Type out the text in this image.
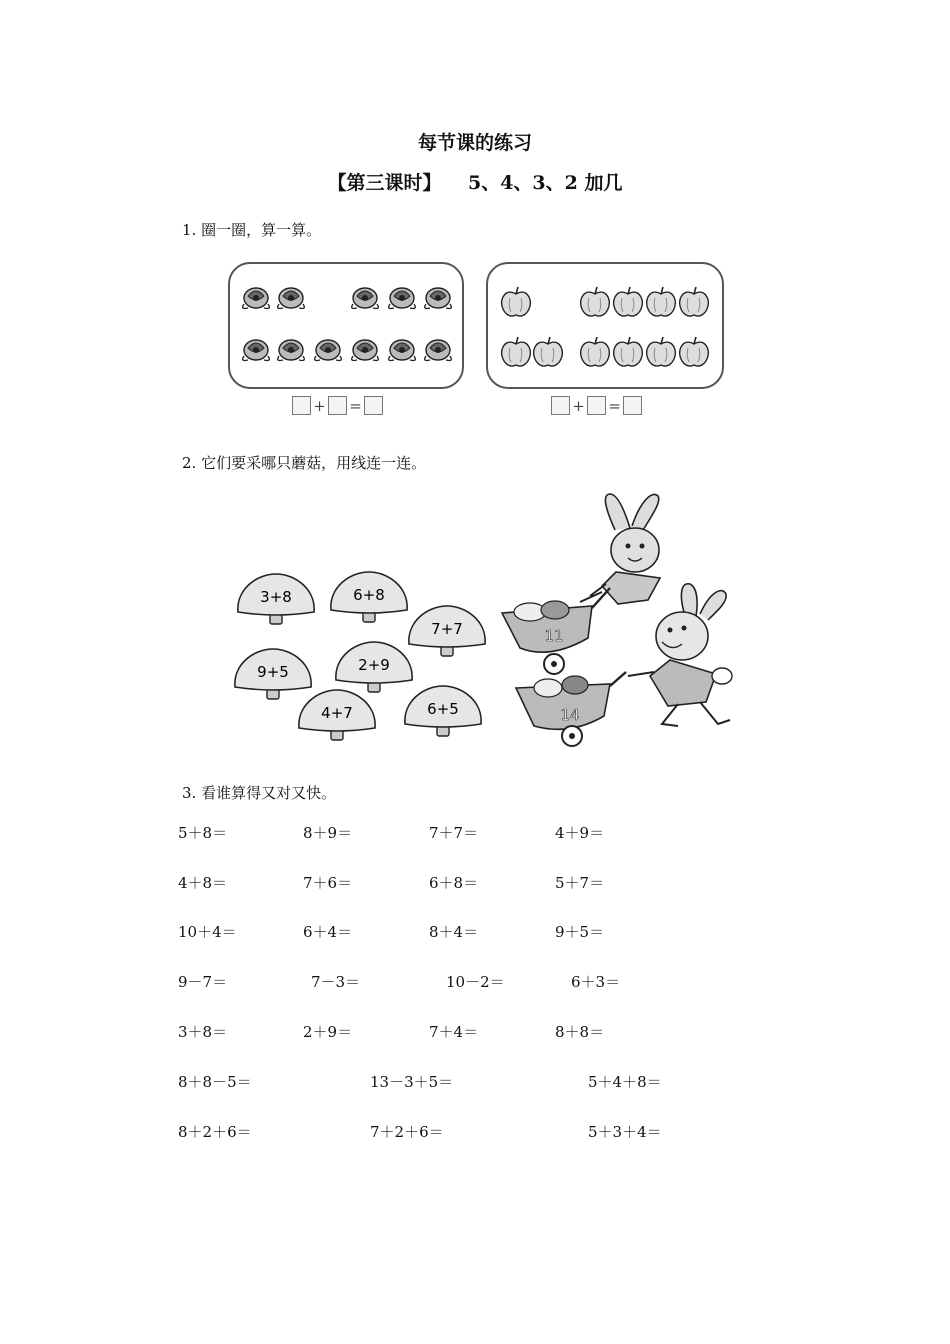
每节课的练习
【第三课时】    5、4、3、2 加几
1. 圈一圈，算一算。
+ =	+ =
2. 它们要采哪只蘑菇，用线连一连。
3+8	6+8
7+7
9+5	2+9
4+7	6+5
11
14
3. 看谁算得又对又快。
5＋8＝	8＋9＝	7＋7＝	4＋9＝
4＋8＝	7＋6＝	6＋8＝	5＋7＝
10＋4＝	6＋4＝	8＋4＝	9＋5＝
9－7＝	7－3＝	10－2＝	6＋3＝
3＋8＝	2＋9＝	7＋4＝	8＋8＝
8＋8－5＝	13－3＋5＝	5＋4＋8＝
8＋2＋6＝	7＋2＋6＝	5＋3＋4＝
